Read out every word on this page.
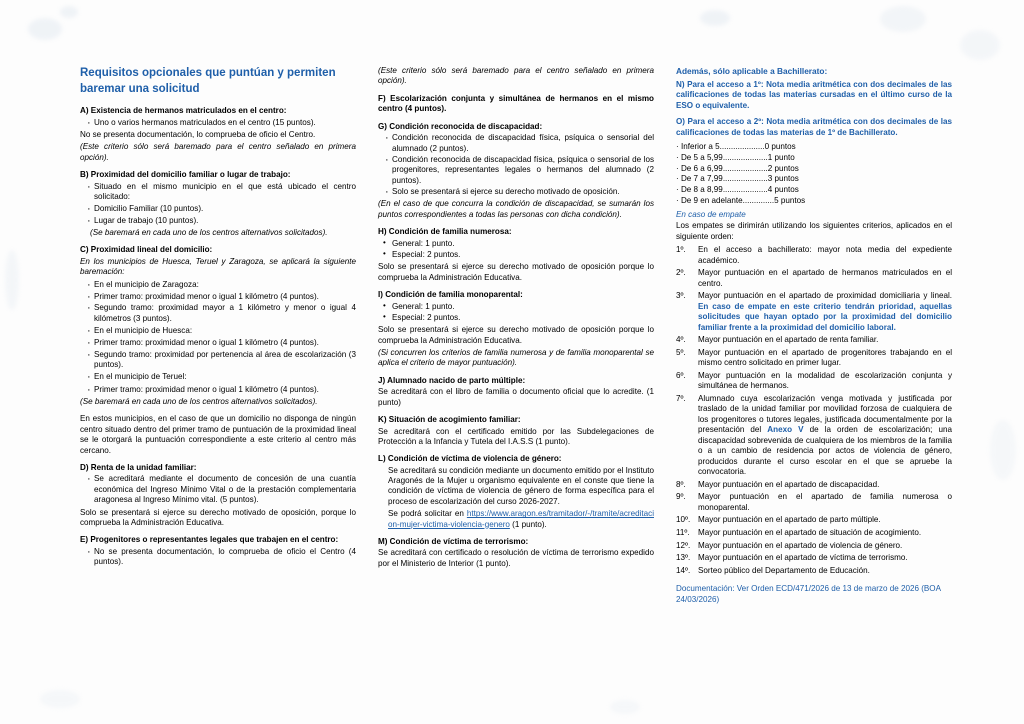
Requisitos opcionales que puntúan y permiten baremar una solicitud

A) Existencia de hermanos matriculados en el centro:

· Uno o varios hermanos matriculados en el centro (15 puntos).

No se presenta documentación, lo comprueba de oficio el Centro.

(Este criterio sólo será baremado para el centro señalado en primera opción).

B) Proximidad del domicilio familiar o lugar de trabajo:

· Situado en el mismo municipio en el que está ubicado el centro solicitado:
· Domicilio Familiar (10 puntos).
· Lugar de trabajo (10 puntos).

(Se baremará en cada uno de los centros alternativos solicitados).

C) Proximidad lineal del domicilio:

En los municipios de Huesca, Teruel y Zaragoza, se aplicará la siguiente baremación:

· En el municipio de Zaragoza:
· Primer tramo: proximidad menor o igual 1 kilómetro (4 puntos).
· Segundo tramo: proximidad mayor a 1 kilómetro y menor o igual 4 kilómetros (3 puntos).
· En el municipio de Huesca:
· Primer tramo: proximidad menor o igual 1 kilómetro (4 puntos).
· Segundo tramo: proximidad por pertenencia al área de escolarización (3 puntos).
· En el municipio de Teruel:
· Primer tramo: proximidad menor o igual 1 kilómetro (4 puntos).

(Se baremará en cada uno de los centros alternativos solicitados).

En estos municipios, en el caso de que un domicilio no disponga de ningún centro situado dentro del primer tramo de puntuación de la proximidad lineal se le otorgará la puntuación correspondiente a este criterio al centro más cercano.

D) Renta de la unidad familiar:

· Se acreditará mediante el documento de concesión de una cuantía económica del Ingreso Mínimo Vital o de la prestación complementaria aragonesa al Ingreso Mínimo vital. (5 puntos).

Solo se presentará si ejerce su derecho motivado de oposición, porque lo comprueba la Administración Educativa.

E) Progenitores o representantes legales que trabajen en el centro:

· No se presenta documentación, lo comprueba de oficio el Centro (4 puntos).

(Este criterio sólo será baremado para el centro señalado en primera opción).

F) Escolarización conjunta y simultánea de hermanos en el mismo centro (4 puntos).

G) Condición reconocida de discapacidad:

· Condición reconocida de discapacidad física, psíquica o sensorial del alumnado (2 puntos).
· Condición reconocida de discapacidad física, psíquica o sensorial de los progenitores, representantes legales o hermanos del alumnado (2 puntos).
· Solo se presentará si ejerce su derecho motivado de oposición.

(En el caso de que concurra la condición de discapacidad, se sumarán los puntos correspondientes a todas las personas con dicha condición).

H) Condición de familia numerosa:

• General: 1 punto.
• Especial: 2 puntos.

Solo se presentará si ejerce su derecho motivado de oposición porque lo comprueba la Administración Educativa.

I) Condición de familia monoparental:

• General: 1 punto.
• Especial: 2 puntos.

Solo se presentará si ejerce su derecho motivado de oposición porque lo comprueba la Administración Educativa.

(Si concurren los criterios de familia numerosa y de familia monoparental se aplica el criterio de mayor puntuación).

J) Alumnado nacido de parto múltiple:

Se acreditará con el libro de familia o documento oficial que lo acredite. (1 punto)

K) Situación de acogimiento familiar:

Se acreditará con el certificado emitido por las Subdelegaciones de Protección a la Infancia y Tutela del I.A.S.S (1 punto).

L) Condición de víctima de violencia de género:

Se acreditará su condición mediante un documento emitido por el Instituto Aragonés de la Mujer u organismo equivalente en el conste que tiene la condición de víctima de violencia de género de forma específica para el proceso de escolarización del curso 2026-2027.

Se podrá solicitar en https://www.aragon.es/tramitador/-/tramite/acreditacion-mujer-victima-violencia-genero (1 punto).

M) Condición de víctima de terrorismo:

Se acreditará con certificado o resolución de víctima de terrorismo expedido por el Ministerio de Interior (1 punto).

Además, sólo aplicable a Bachillerato:

N) Para el acceso a 1º: Nota media aritmética con dos decimales de las calificaciones de todas las materias cursadas en el último curso de la ESO o equivalente.

O) Para el acceso a 2º: Nota media aritmética con dos decimales de las calificaciones de todas las materias de 1º de Bachillerato.

· Inferior a 5....................0 puntos
· De 5 a 5,99....................1 punto
· De 6 a 6,99....................2 puntos
· De 7 a 7,99....................3 puntos
· De 8 a 8,99....................4 puntos
· De 9 en adelante..............5 puntos

En caso de empate

Los empates se dirimirán utilizando los siguientes criterios, aplicados en el siguiente orden:

1º.	En el acceso a bachillerato: mayor nota media del expediente académico.
2º.	Mayor puntuación en el apartado de hermanos matriculados en el centro.
3º.	Mayor puntuación en el apartado de proximidad domiciliaria y lineal. En caso de empate en este criterio tendrán prioridad, aquellas solicitudes que hayan optado por la proximidad del domicilio familiar frente a la proximidad del domicilio laboral.
4º.	Mayor puntuación en el apartado de renta familiar.
5º.	Mayor puntuación en el apartado de progenitores trabajando en el mismo centro solicitado en primer lugar.
6º.	Mayor puntuación en la modalidad de escolarización conjunta y simultánea de hermanos.
7º.	Alumnado cuya escolarización venga motivada y justificada por traslado de la unidad familiar por movilidad forzosa de cualquiera de los progenitores o tutores legales, justificada documentalmente por la presentación del Anexo V de la orden de escolarización; una discapacidad sobrevenida de cualquiera de los miembros de la familia o a un cambio de residencia por actos de violencia de género, producidos durante el curso escolar en el que se apruebe la convocatoria.
8º.	Mayor puntuación en el apartado de discapacidad.
9º.	Mayor puntuación en el apartado de familia numerosa o monoparental.
10º. Mayor puntuación en el apartado de parto múltiple.
11º.	Mayor puntuación en el apartado de situación de acogimiento.
12º. Mayor puntuación en el apartado de violencia de género.
13º. Mayor puntuación en el apartado de víctima de terrorismo.
14º. Sorteo público del Departamento de Educación.

Documentación: Ver Orden ECD/471/2026 de 13 de marzo de 2026 (BOA 24/03/2026)
